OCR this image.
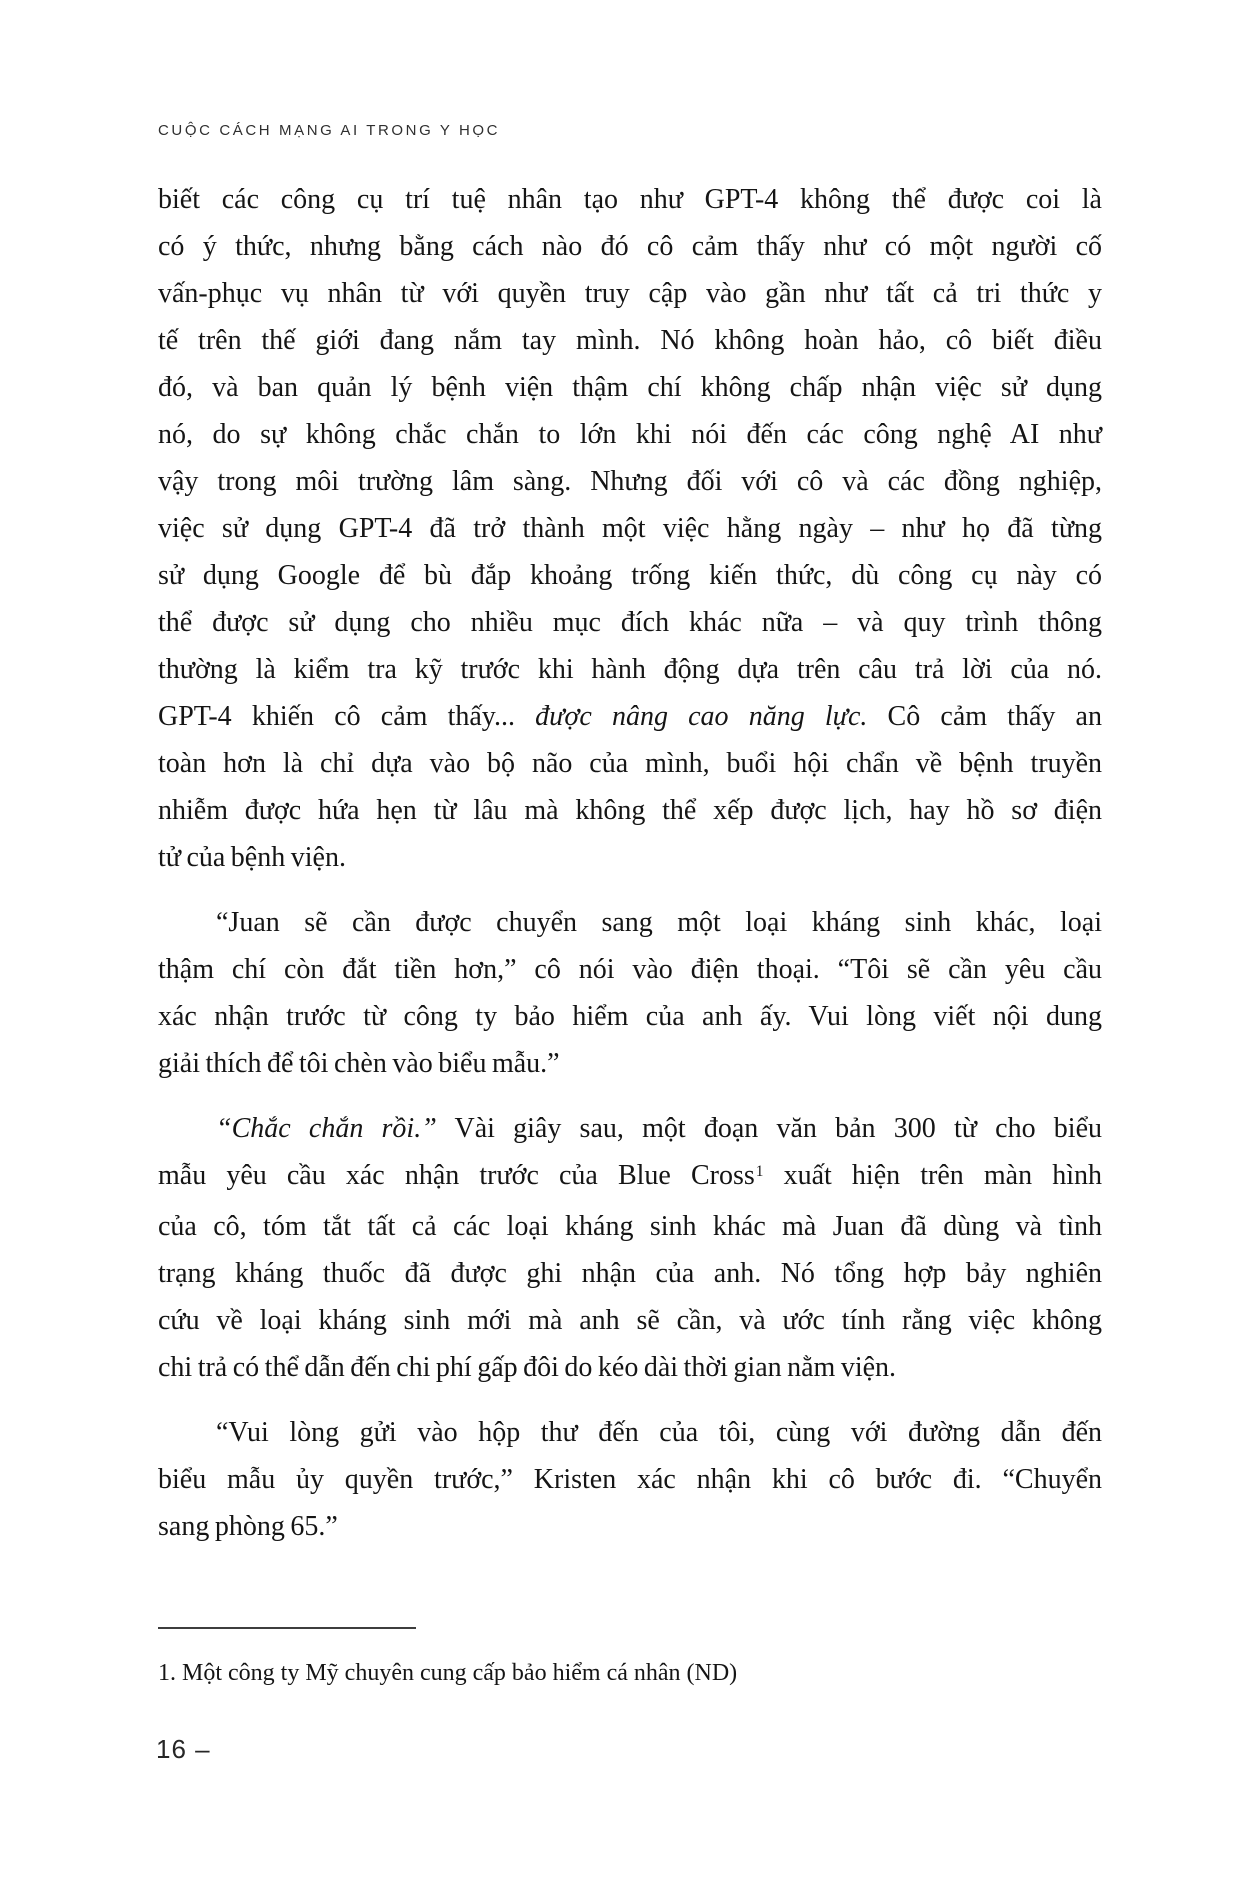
CUỘC CÁCH MẠNG AI TRONG Y HỌC
biết các công cụ trí tuệ nhân tạo như GPT-4 không thể được coi là
có ý thức, nhưng bằng cách nào đó cô cảm thấy như có một người cố
vấn-phục vụ nhân từ với quyền truy cập vào gần như tất cả tri thức y
tế trên thế giới đang nắm tay mình. Nó không hoàn hảo, cô biết điều
đó, và ban quản lý bệnh viện thậm chí không chấp nhận việc sử dụng
nó, do sự không chắc chắn to lớn khi nói đến các công nghệ AI như
vậy trong môi trường lâm sàng. Nhưng đối với cô và các đồng nghiệp,
việc sử dụng GPT-4 đã trở thành một việc hằng ngày – như họ đã từng
sử dụng Google để bù đắp khoảng trống kiến thức, dù công cụ này có
thể được sử dụng cho nhiều mục đích khác nữa – và quy trình thông
thường là kiểm tra kỹ trước khi hành động dựa trên câu trả lời của nó.
GPT-4 khiến cô cảm thấy... được nâng cao năng lực. Cô cảm thấy an
toàn hơn là chỉ dựa vào bộ não của mình, buổi hội chẩn về bệnh truyền
nhiễm được hứa hẹn từ lâu mà không thể xếp được lịch, hay hồ sơ điện
tử của bệnh viện.
“Juan sẽ cần được chuyển sang một loại kháng sinh khác, loại
thậm chí còn đắt tiền hơn,” cô nói vào điện thoại. “Tôi sẽ cần yêu cầu
xác nhận trước từ công ty bảo hiểm của anh ấy. Vui lòng viết nội dung
giải thích để tôi chèn vào biểu mẫu.”
“Chắc chắn rồi.” Vài giây sau, một đoạn văn bản 300 từ cho biểu
mẫu yêu cầu xác nhận trước của Blue Cross$^1$ xuất hiện trên màn hình
của cô, tóm tắt tất cả các loại kháng sinh khác mà Juan đã dùng và tình
trạng kháng thuốc đã được ghi nhận của anh. Nó tổng hợp bảy nghiên
cứu về loại kháng sinh mới mà anh sẽ cần, và ước tính rằng việc không
chi trả có thể dẫn đến chi phí gấp đôi do kéo dài thời gian nằm viện.
“Vui lòng gửi vào hộp thư đến của tôi, cùng với đường dẫn đến
biểu mẫu ủy quyền trước,” Kristen xác nhận khi cô bước đi. “Chuyển
sang phòng 65.”
1. Một công ty Mỹ chuyên cung cấp bảo hiểm cá nhân (ND)
16 –
